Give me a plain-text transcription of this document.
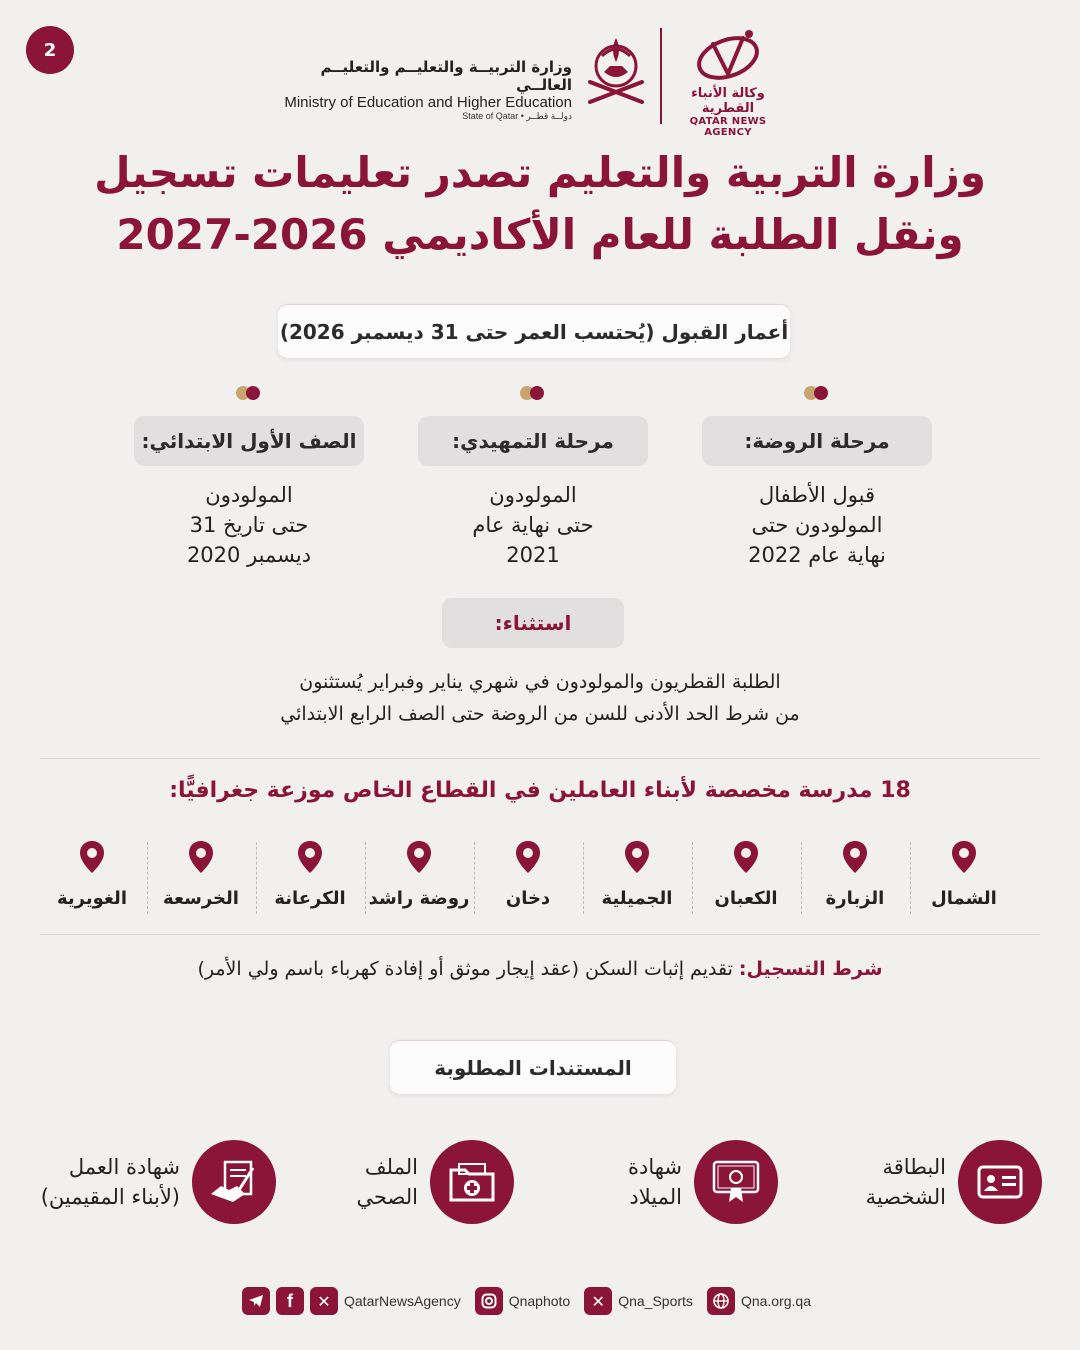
2
وكالة الأنباء القطرية
QATAR NEWS AGENCY
وزارة التربيــة والتعليــم والتعليــم العالــي
Ministry of Education and Higher Education
State of Qatar • دولــة قطــر
وزارة التربية والتعليم تصدر تعليمات تسجيل
ونقل الطلبة للعام الأكاديمي 2026-2027
أعمار القبول (يُحتسب العمر حتى 31 ديسمبر 2026)
مرحلة الروضة:
مرحلة التمهيدي:
الصف الأول الابتدائي:
قبول الأطفال
المولودون حتى
نهاية عام 2022
المولودون
حتى نهاية عام
2021
المولودون
حتى تاريخ 31
ديسمبر 2020
استثناء:
الطلبة القطريون والمولودون في شهري يناير وفبراير يُستثنون
من شرط الحد الأدنى للسن من الروضة حتى الصف الرابع الابتدائي
18 مدرسة مخصصة لأبناء العاملين في القطاع الخاص موزعة جغرافيًّا:
الشمال
الزبارة
الكعبان
الجميلية
دخان
روضة راشد
الكرعانة
الخرسعة
الغويرية
شرط التسجيل: تقديم إثبات السكن (عقد إيجار موثق أو إفادة كهرباء باسم ولي الأمر)
المستندات المطلوبة
البطاقة
الشخصية
شهادة
الميلاد
الملف
الصحي
شهادة العمل
(لأبناء المقيمين)
f ✕ QatarNewsAgency	Qnaphoto ✕ Qna_Sports	Qna.org.qa
